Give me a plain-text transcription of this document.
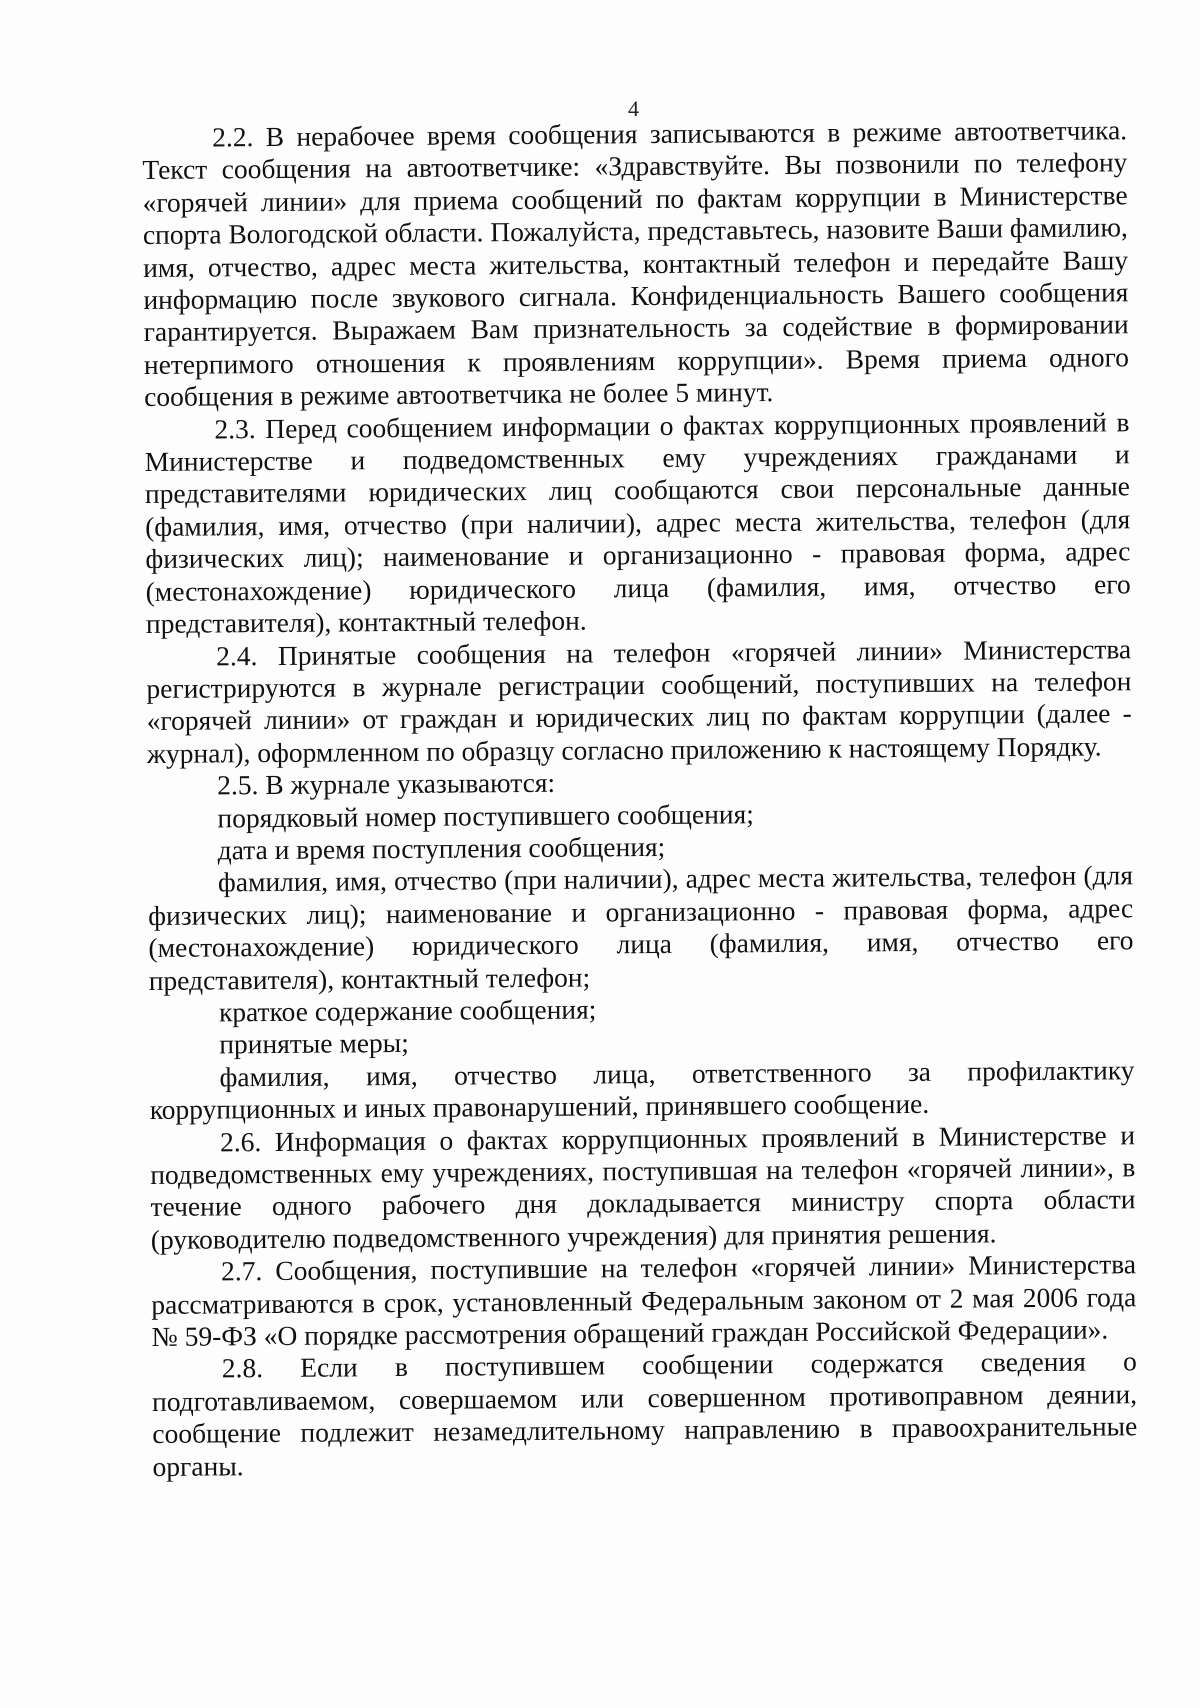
4

2.2. В нерабочее время сообщения записываются в режиме автоответчика. Текст сообщения на автоответчике: «Здравствуйте. Вы позвонили по телефону «горячей линии» для приема сообщений по фактам коррупции в Министерстве спорта Вологодской области. Пожалуйста, представьтесь, назовите Ваши фамилию, имя, отчество, адрес места жительства, контактный телефон и передайте Вашу информацию после звукового сигнала. Конфиденциальность Вашего сообщения гарантируется. Выражаем Вам признательность за содействие в формировании нетерпимого отношения к проявлениям коррупции». Время приема одного сообщения в режиме автоответчика не более 5 минут.

2.3. Перед сообщением информации о фактах коррупционных проявлений в Министерстве и подведомственных ему учреждениях гражданами и представителями юридических лиц сообщаются свои персональные данные (фамилия, имя, отчество (при наличии), адрес места жительства, телефон (для физических лиц); наименование и организационно - правовая форма, адрес (местонахождение) юридического лица (фамилия, имя, отчество его представителя), контактный телефон.

2.4. Принятые сообщения на телефон «горячей линии» Министерства регистрируются в журнале регистрации сообщений, поступивших на телефон «горячей линии» от граждан и юридических лиц по фактам коррупции (далее - журнал), оформленном по образцу согласно приложению к настоящему Порядку.

2.5. В журнале указываются:

порядковый номер поступившего сообщения;

дата и время поступления сообщения;

фамилия, имя, отчество (при наличии), адрес места жительства, телефон (для физических лиц); наименование и организационно - правовая форма, адрес (местонахождение) юридического лица (фамилия, имя, отчество его представителя), контактный телефон;

краткое содержание сообщения;

принятые меры;

фамилия, имя, отчество лица, ответственного за профилактику коррупционных и иных правонарушений, принявшего сообщение.

2.6. Информация о фактах коррупционных проявлений в Министерстве и подведомственных ему учреждениях, поступившая на телефон «горячей линии», в течение одного рабочего дня докладывается министру спорта области (руководителю подведомственного учреждения) для принятия решения.

2.7. Сообщения, поступившие на телефон «горячей линии» Министерства рассматриваются в срок, установленный Федеральным законом от 2 мая 2006 года № 59-ФЗ «О порядке рассмотрения обращений граждан Российской Федерации».

2.8. Если в поступившем сообщении содержатся сведения о подготавливаемом, совершаемом или совершенном противоправном деянии, сообщение подлежит незамедлительному направлению в правоохранительные органы.
